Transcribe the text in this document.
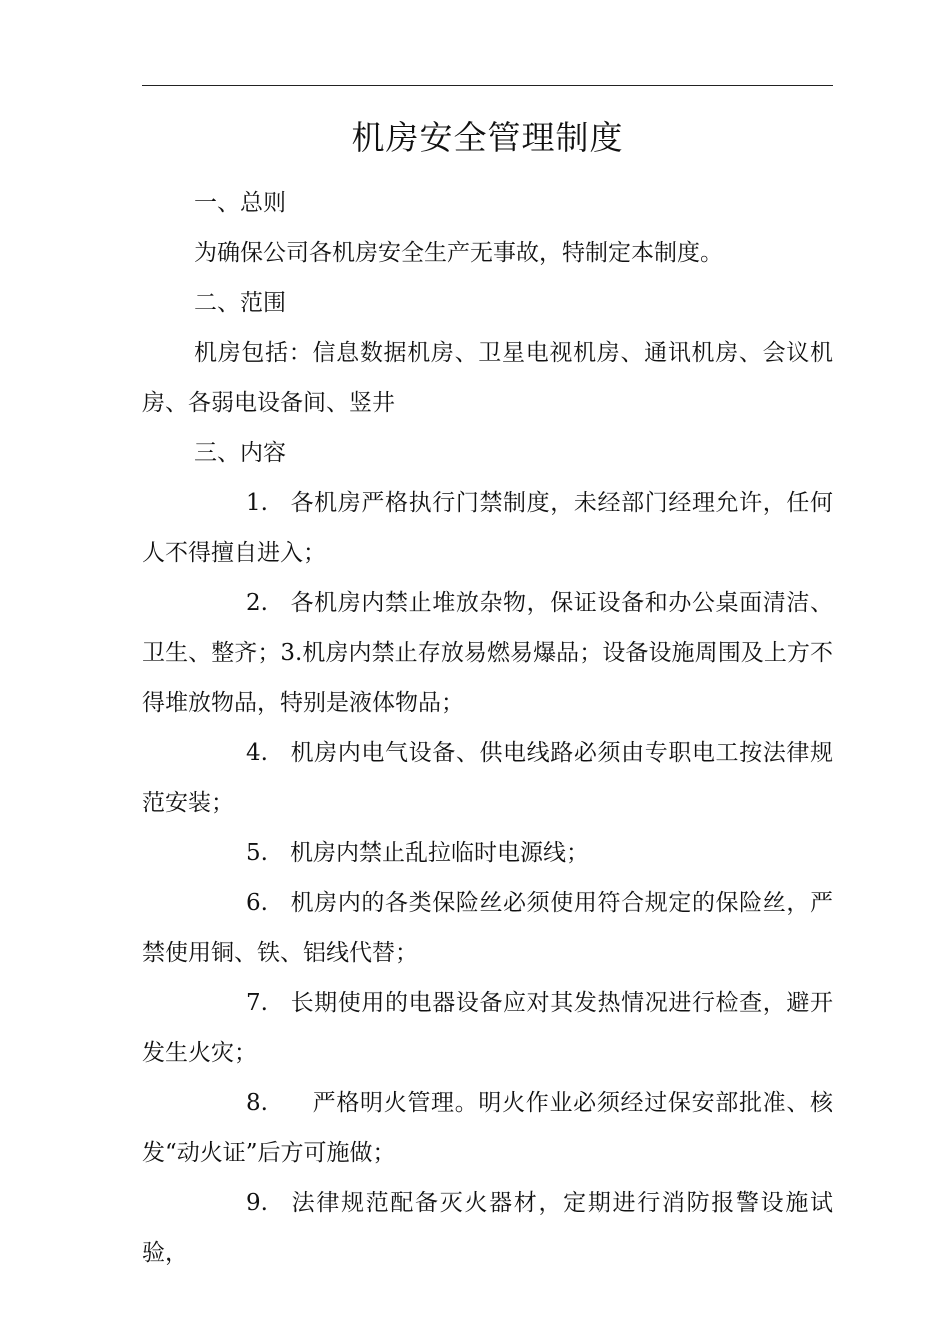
机房安全管理制度

一、总则

为确保公司各机房安全生产无事故，特制定本制度。

二、范围

机房包括：信息数据机房、卫星电视机房、通讯机房、会议机房、各弱电设备间、竖井

三、内容

1. 各机房严格执行门禁制度，未经部门经理允许，任何人不得擅自进入；

2. 各机房内禁止堆放杂物，保证设备和办公桌面清洁、卫生、整齐；3.机房内禁止存放易燃易爆品；设备设施周围及上方不得堆放物品，特别是液体物品；

4. 机房内电气设备、供电线路必须由专职电工按法律规范安装；

5. 机房内禁止乱拉临时电源线；

6. 机房内的各类保险丝必须使用符合规定的保险丝，严禁使用铜、铁、铝线代替；

7. 长期使用的电器设备应对其发热情况进行检查，避开发生火灾；

8. 严格明火管理。明火作业必须经过保安部批准、核发“动火证”后方可施做；

9. 法律规范配备灭火器材，定期进行消防报警设施试验，
